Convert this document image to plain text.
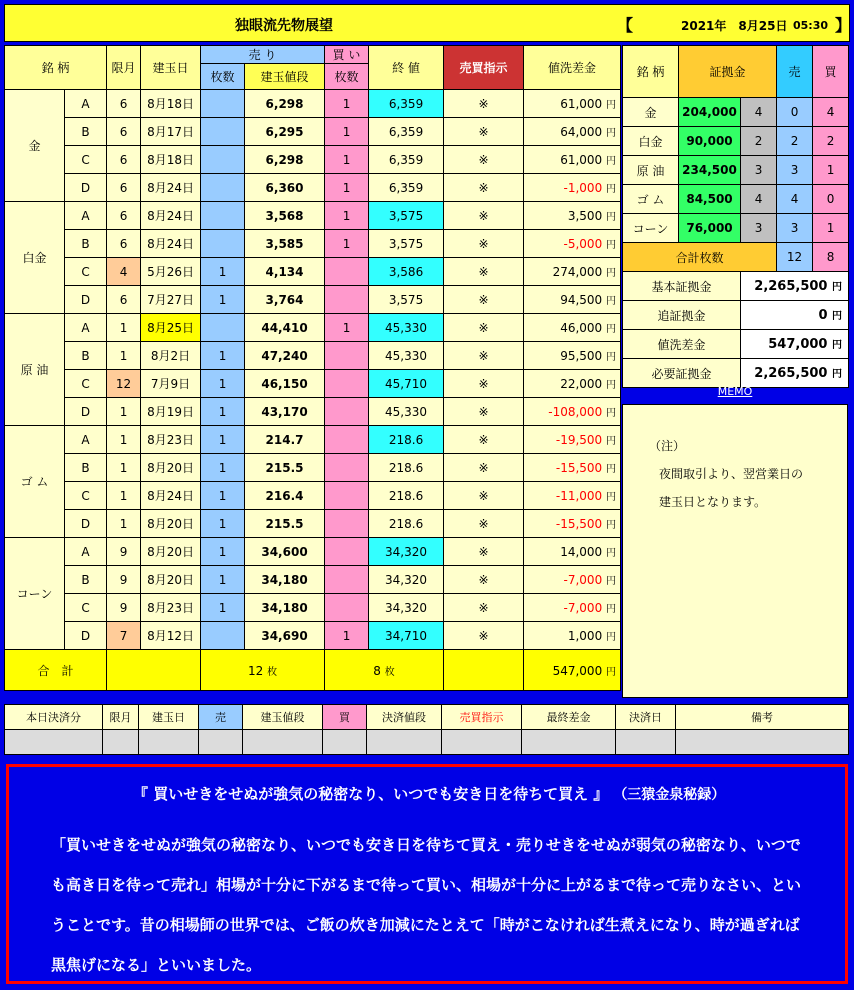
独眼流先物展望	【	2021年　8月25日 05:30 】
銘 柄		限月	建玉日	売 り		買 い	終 値	売買指示	値洗差金
				枚数	建玉値段	枚数			
金	A	6	8月18日		6,298	1	6,359	※	61,000 円
	B	6	8月17日		6,295	1	6,359	※	64,000 円
	C	6	8月18日		6,298	1	6,359	※	61,000 円
	D	6	8月24日		6,360	1	6,359	※	-1,000 円
白金	A	6	8月24日		3,568	1	3,575	※	3,500 円
	B	6	8月24日		3,585	1	3,575	※	-5,000 円
	C	4	5月26日	1	4,134		3,586	※	274,000 円
	D	6	7月27日	1	3,764		3,575	※	94,500 円
原 油	A	1	8月25日		44,410	1	45,330	※	46,000 円
	B	1	8月2日	1	47,240		45,330	※	95,500 円
	C	12	7月9日	1	46,150		45,710	※	22,000 円
	D	1	8月19日	1	43,170		45,330	※	-108,000 円
ゴ ム	A	1	8月23日	1	214.7		218.6	※	-19,500 円
	B	1	8月20日	1	215.5		218.6	※	-15,500 円
	C	1	8月24日	1	216.4		218.6	※	-11,000 円
	D	1	8月20日	1	215.5		218.6	※	-15,500 円
コーン	A	9	8月20日	1	34,600		34,320	※	14,000 円
	B	9	8月20日	1	34,180		34,320	※	-7,000 円
	C	9	8月23日	1	34,180		34,320	※	-7,000 円
	D	7	8月12日		34,690	1	34,710	※	1,000 円
合　計				12 枚		8 枚			547,000 円
銘 柄	証拠金		売	買
金	204,000	4	0	4
白金	90,000	2	2	2
原 油	234,500	3	3	1
ゴ ム	84,500	4	4	0
コーン	76,000	3	3	1
合計枚数			12	8
基本証拠金		2,265,500 円		
追証拠金		0 円		
値洗差金		547,000 円		
必要証拠金		2,265,500 円		
MEMO
（注）
夜間取引より、翌営業日の
建玉日となります。
本日決済分	限月	建玉日	売	建玉値段	買	決済値段	売買指示	最終差金	決済日	備考

『 買いせきをせぬが強気の秘密なり、いつでも安き日を待ちて買え 』 （三猿金泉秘録）
「買いせきをせぬが強気の秘密なり、いつでも安き日を待ちて買え・売りせきをせぬが弱気の秘密なり、いつでも高き日を待って売れ」相場が十分に下がるまで待って買い、相場が十分に上がるまで待って売りなさい、ということです。昔の相場師の世界では、ご飯の炊き加減にたとえて「時がこなければ生煮えになり、時が過ぎれば黒焦げになる」といいました。
